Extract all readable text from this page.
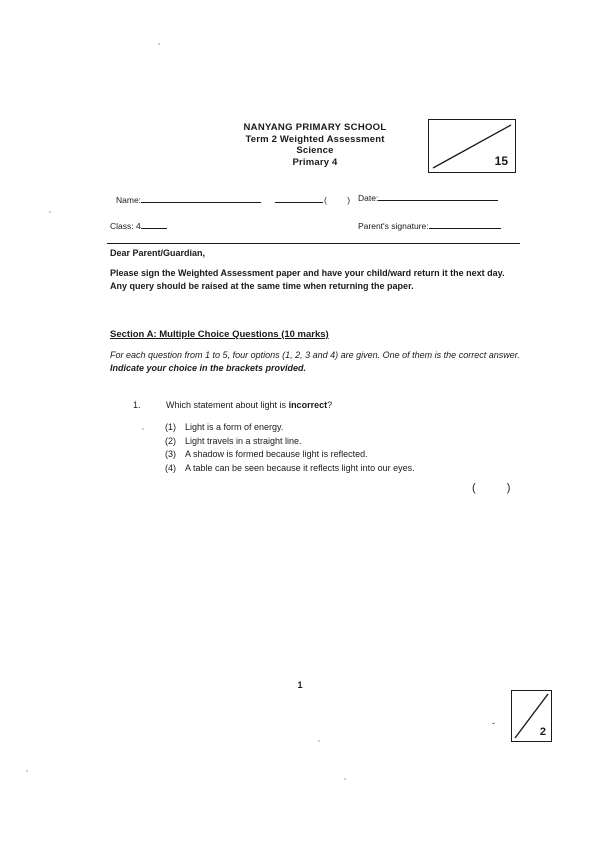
NANYANG PRIMARY SCHOOL
Term 2 Weighted Assessment
Science
Primary 4	15
Name:	( )
Class: 4
Date:
Parent's signature:
Dear Parent/Guardian,
Please sign the Weighted Assessment paper and have your child/ward return it the next day. Any query should be raised at the same time when returning the paper.
Section A: Multiple Choice Questions (10 marks)
For each question from 1 to 5, four options (1, 2, 3 and 4) are given. One of them is the correct answer. Indicate your choice in the brackets provided.
1.	Which statement about light is incorrect?
(1)	Light is a form of energy.
(2)	Light travels in a straight line.
(3)	A shadow is formed because light is reflected.
(4)	A table can be seen because it reflects light into our eyes.
( )
1
-
2
